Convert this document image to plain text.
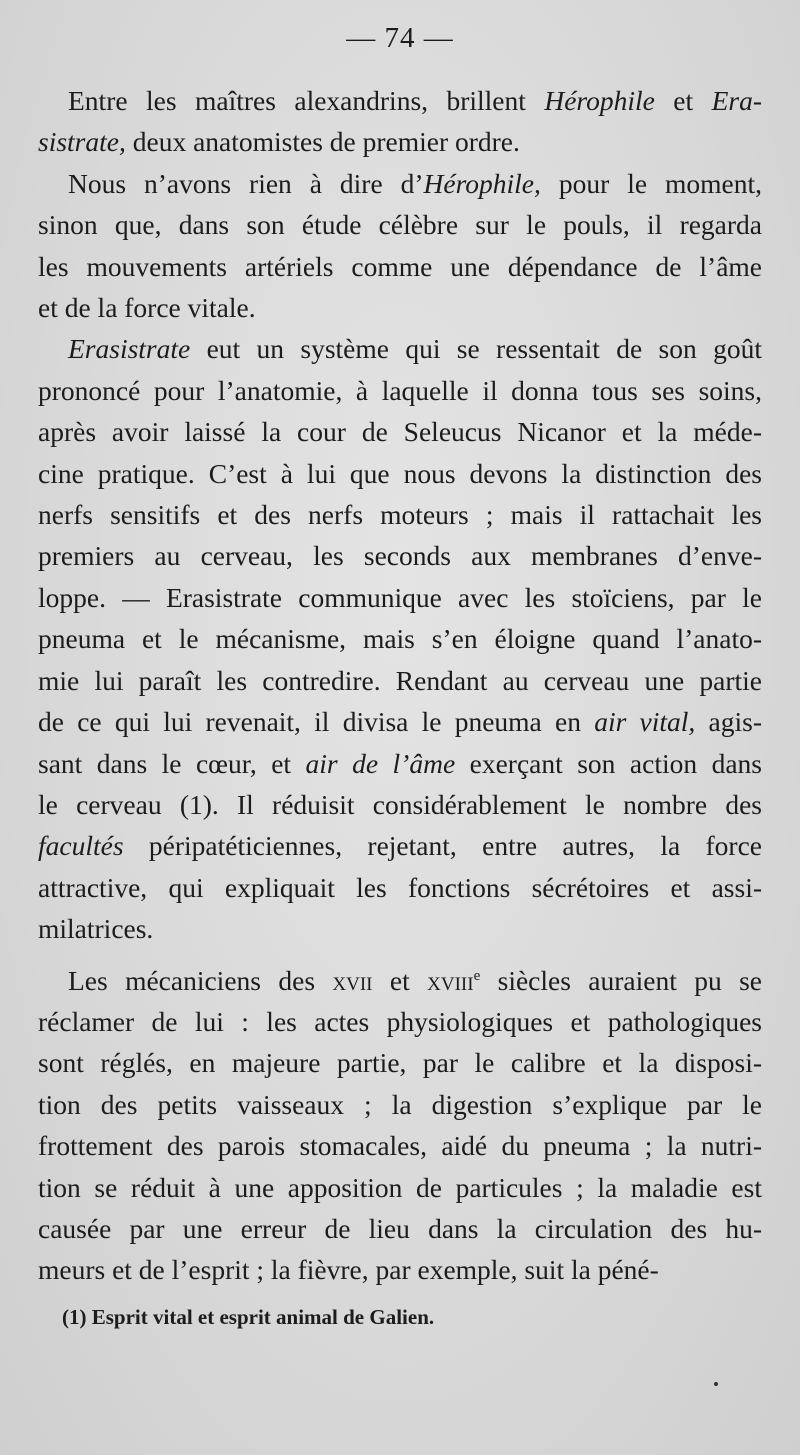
— 74 —
Entre les maîtres alexandrins, brillent Hérophile et Era-
sistrate, deux anatomistes de premier ordre.
Nous n’avons rien à dire d’Hérophile, pour le moment,
sinon que, dans son étude célèbre sur le pouls, il regarda
les mouvements artériels comme une dépendance de l’âme
et de la force vitale.
Erasistrate eut un système qui se ressentait de son goût
prononcé pour l’anatomie, à laquelle il donna tous ses soins,
après avoir laissé la cour de Seleucus Nicanor et la méde-
cine pratique. C’est à lui que nous devons la distinction des
nerfs sensitifs et des nerfs moteurs ; mais il rattachait les
premiers au cerveau, les seconds aux membranes d’enve-
loppe. — Erasistrate communique avec les stoïciens, par le
pneuma et le mécanisme, mais s’en éloigne quand l’anato-
mie lui paraît les contredire. Rendant au cerveau une partie
de ce qui lui revenait, il divisa le pneuma en air vital, agis-
sant dans le cœur, et air de l’âme exerçant son action dans
le cerveau (1). Il réduisit considérablement le nombre des
facultés péripatéticiennes, rejetant, entre autres, la force
attractive, qui expliquait les fonctions sécrétoires et assi-
milatrices.
Les mécaniciens des xvii et xviii$^e$ siècles auraient pu se
réclamer de lui : les actes physiologiques et pathologiques
sont réglés, en majeure partie, par le calibre et la disposi-
tion des petits vaisseaux ; la digestion s’explique par le
frottement des parois stomacales, aidé du pneuma ; la nutri-
tion se réduit à une apposition de particules ; la maladie est
causée par une erreur de lieu dans la circulation des hu-
meurs et de l’esprit ; la fièvre, par exemple, suit la péné-
(1) Esprit vital et esprit animal de Galien.
